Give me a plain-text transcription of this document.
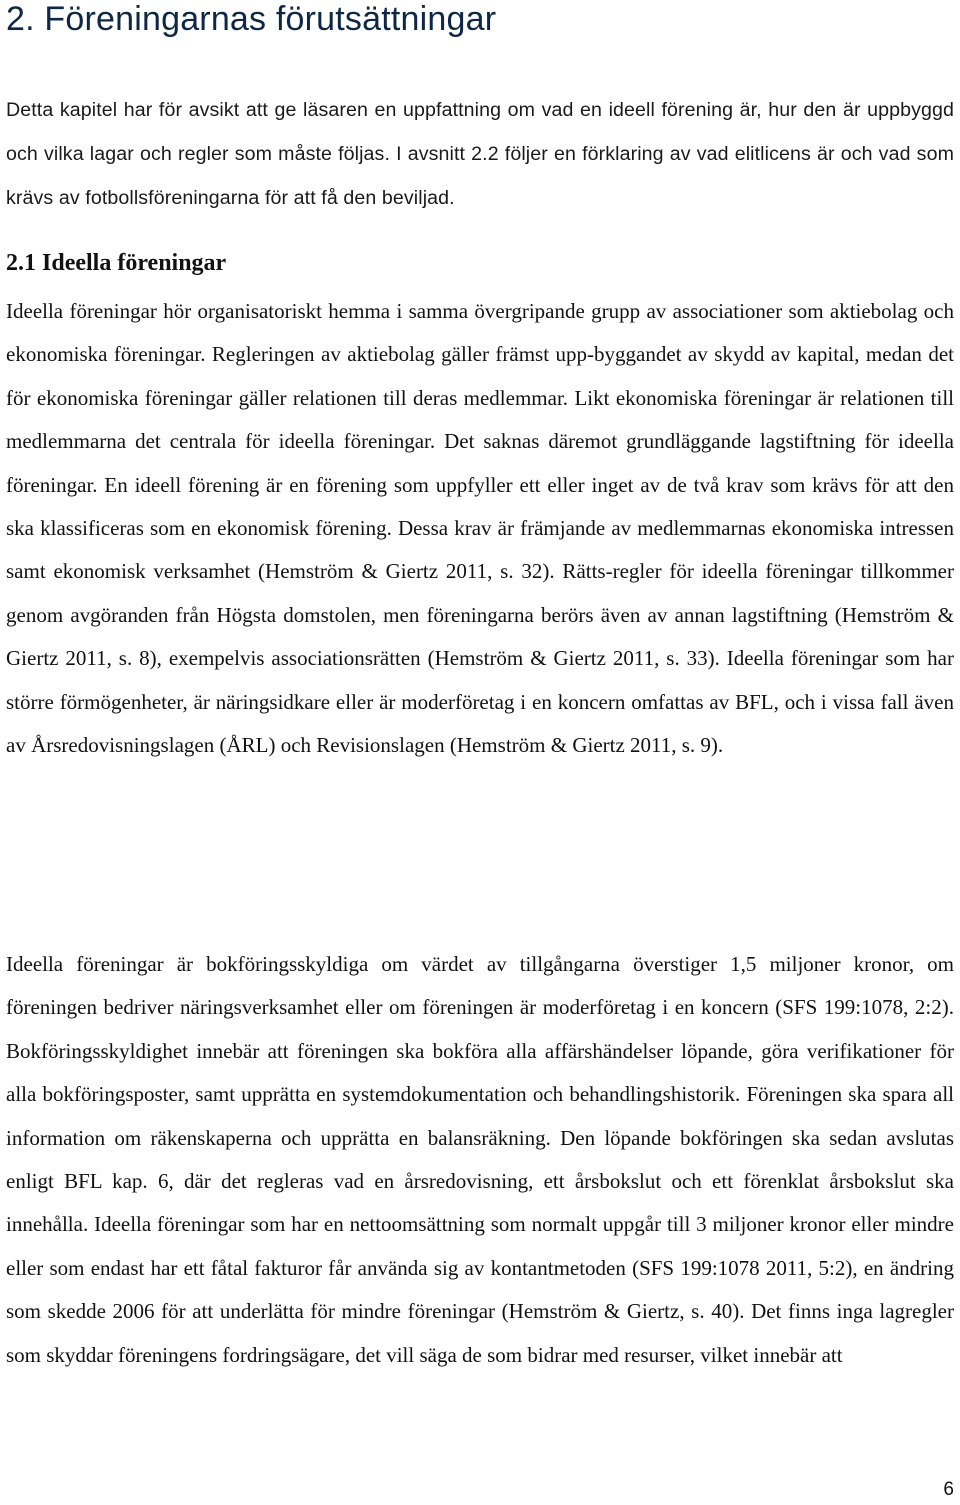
2. Föreningarnas förutsättningar

Detta kapitel har för avsikt att ge läsaren en uppfattning om vad en ideell förening är, hur den är uppbyggd och vilka lagar och regler som måste följas. I avsnitt 2.2 följer en förklaring av vad elitlicens är och vad som krävs av fotbollsföreningarna för att få den beviljad.

2.1 Ideella föreningar

Ideella föreningar hör organisatoriskt hemma i samma övergripande grupp av associationer som aktiebolag och ekonomiska föreningar. Regleringen av aktiebolag gäller främst upp-byggandet av skydd av kapital, medan det för ekonomiska föreningar gäller relationen till deras medlemmar. Likt ekonomiska föreningar är relationen till medlemmarna det centrala för ideella föreningar. Det saknas däremot grundläggande lagstiftning för ideella föreningar. En ideell förening är en förening som uppfyller ett eller inget av de två krav som krävs för att den ska klassificeras som en ekonomisk förening. Dessa krav är främjande av medlemmarnas ekonomiska intressen samt ekonomisk verksamhet (Hemström & Giertz 2011, s. 32). Rätts-regler för ideella föreningar tillkommer genom avgöranden från Högsta domstolen, men föreningarna berörs även av annan lagstiftning (Hemström & Giertz 2011, s. 8), exempelvis associationsrätten (Hemström & Giertz 2011, s. 33). Ideella föreningar som har större förmögenheter, är näringsidkare eller är moderföretag i en koncern omfattas av BFL, och i vissa fall även av Årsredovisningslagen (ÅRL) och Revisionslagen (Hemström & Giertz 2011, s. 9).

Ideella föreningar är bokföringsskyldiga om värdet av tillgångarna överstiger 1,5 miljoner kronor, om föreningen bedriver näringsverksamhet eller om föreningen är moderföretag i en koncern (SFS 199:1078, 2:2). Bokföringsskyldighet innebär att föreningen ska bokföra alla affärshändelser löpande, göra verifikationer för alla bokföringsposter, samt upprätta en systemdokumentation och behandlingshistorik. Föreningen ska spara all information om räkenskaperna och upprätta en balansräkning. Den löpande bokföringen ska sedan avslutas enligt BFL kap. 6, där det regleras vad en årsredovisning, ett årsbokslut och ett förenklat årsbokslut ska innehålla. Ideella föreningar som har en nettoomsättning som normalt uppgår till 3 miljoner kronor eller mindre eller som endast har ett fåtal fakturor får använda sig av kontantmetoden (SFS 199:1078 2011, 5:2), en ändring som skedde 2006 för att underlätta för mindre föreningar (Hemström & Giertz, s. 40). Det finns inga lagregler som skyddar föreningens fordringsägare, det vill säga de som bidrar med resurser, vilket innebär att

6
